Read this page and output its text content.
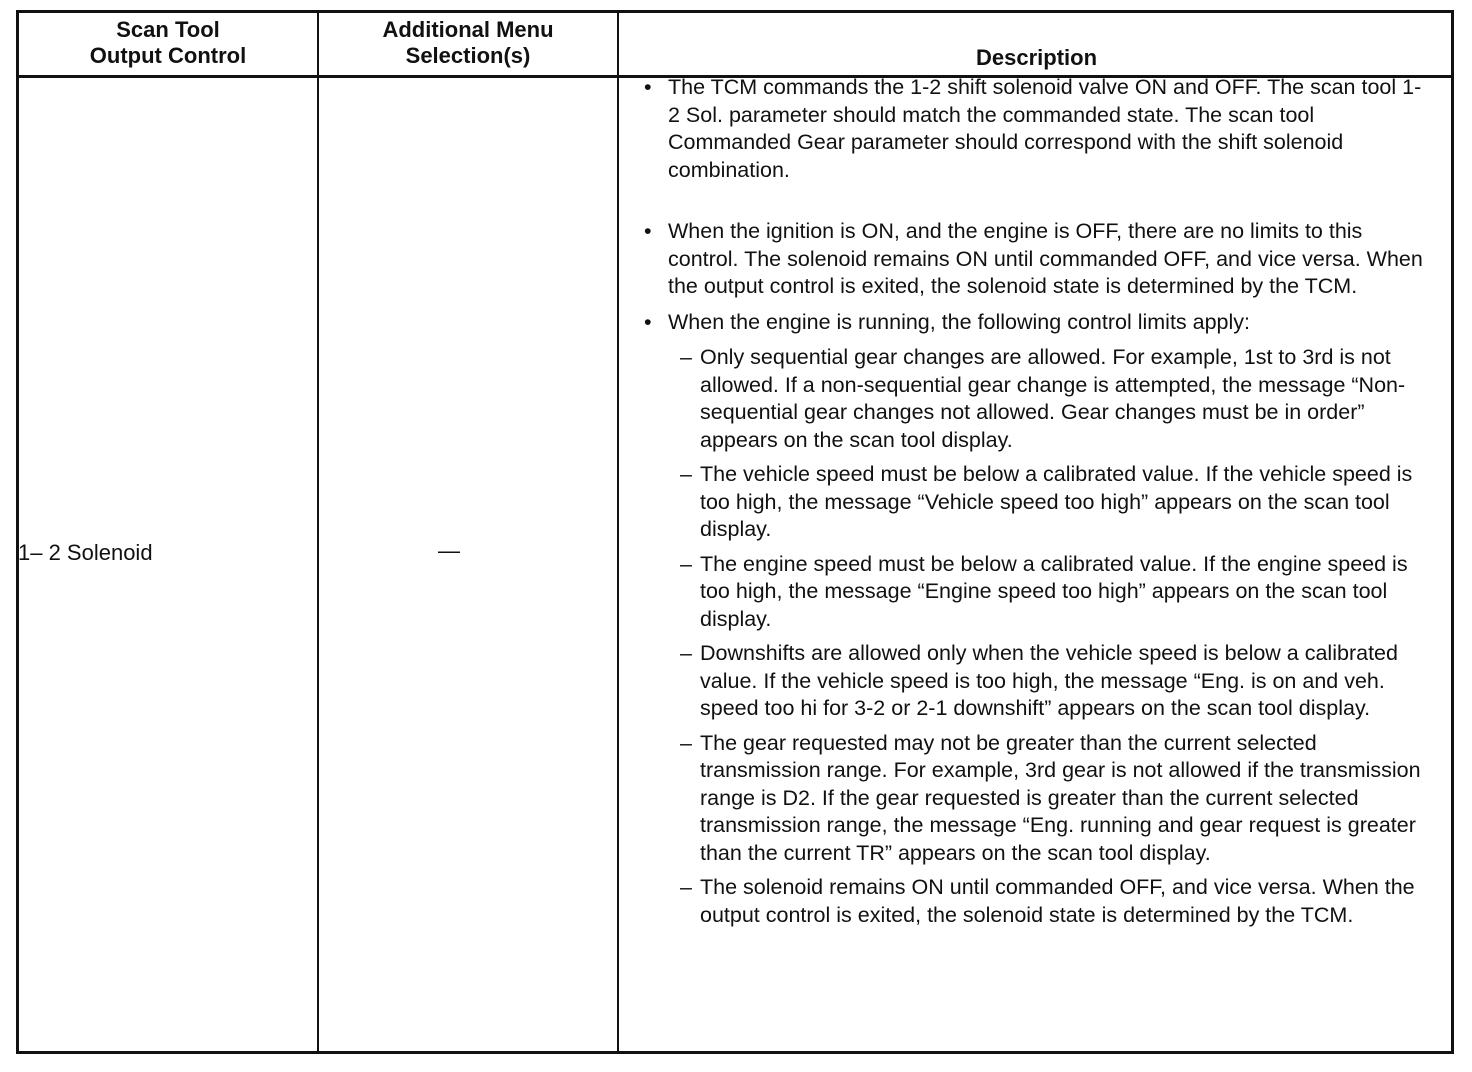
Scan Tool
Output Control
Additional Menu
Selection(s)	Description
1– 2 Solenoid	—

• The TCM commands the 1-2 shift solenoid valve ON and OFF. The scan tool 1-2 Sol. parameter should match the commanded state. The scan tool Commanded Gear parameter should correspond with the shift solenoid combination.

• When the ignition is ON, and the engine is OFF, there are no limits to this control. The solenoid remains ON until commanded OFF, and vice versa. When the output control is exited, the solenoid state is determined by the TCM.

• When the engine is running, the following control limits apply:

– Only sequential gear changes are allowed. For example, 1st to 3rd is not allowed. If a non-sequential gear change is attempted, the message “Non-sequential gear changes not allowed. Gear changes must be in order” appears on the scan tool display.

– The vehicle speed must be below a calibrated value. If the vehicle speed is too high, the message “Vehicle speed too high” appears on the scan tool display.

– The engine speed must be below a calibrated value. If the engine speed is too high, the message “Engine speed too high” appears on the scan tool display.

– Downshifts are allowed only when the vehicle speed is below a calibrated value. If the vehicle speed is too high, the message “Eng. is on and veh. speed too hi for 3-2 or 2-1 downshift” appears on the scan tool display.

– The gear requested may not be greater than the current selected transmission range. For example, 3rd gear is not allowed if the transmission range is D2. If the gear requested is greater than the current selected transmission range, the message “Eng. running and gear request is greater than the current TR” appears on the scan tool display.

– The solenoid remains ON until commanded OFF, and vice versa. When the output control is exited, the solenoid state is determined by the TCM.
